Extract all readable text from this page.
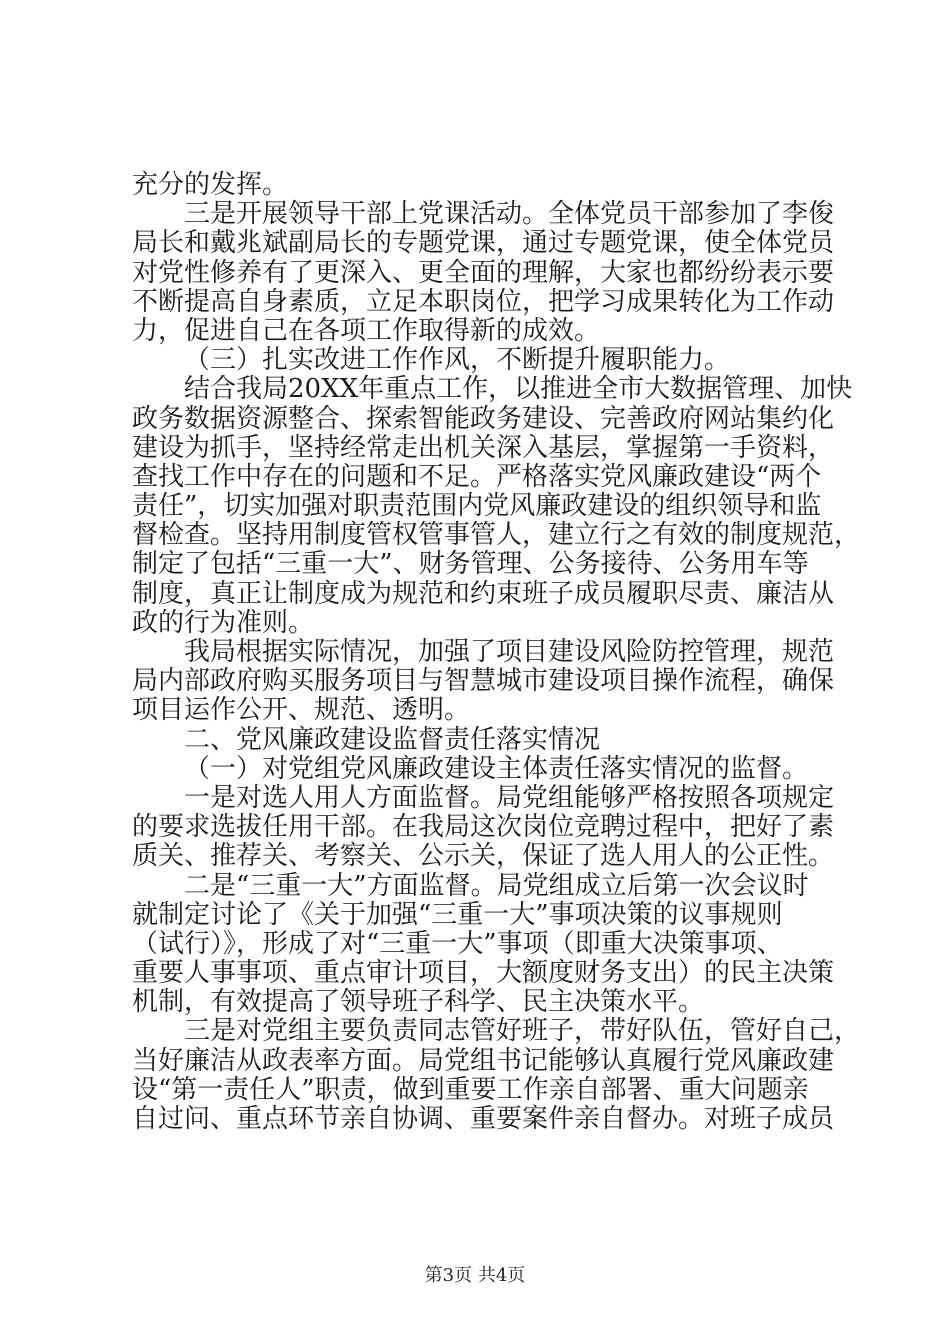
充分的发挥。
三是开展领导干部上党课活动。全体党员干部参加了李俊
局长和戴兆斌副局长的专题党课，通过专题党课，使全体党员
对党性修养有了更深入、更全面的理解，大家也都纷纷表示要
不断提高自身素质，立足本职岗位，把学习成果转化为工作动
力，促进自己在各项工作取得新的成效。
（三）扎实改进工作作风，不断提升履职能力。
结合我局20XX年重点工作，以推进全市大数据管理、加快
政务数据资源整合、探索智能政务建设、完善政府网站集约化
建设为抓手，坚持经常走出机关深入基层，掌握第一手资料，
查找工作中存在的问题和不足。严格落实党风廉政建设“两个
责任”，切实加强对职责范围内党风廉政建设的组织领导和监
督检查。坚持用制度管权管事管人，建立行之有效的制度规范，
制定了包括“三重一大”、财务管理、公务接待、公务用车等
制度，真正让制度成为规范和约束班子成员履职尽责、廉洁从
政的行为准则。
我局根据实际情况，加强了项目建设风险防控管理，规范
局内部政府购买服务项目与智慧城市建设项目操作流程，确保
项目运作公开、规范、透明。
二、党风廉政建设监督责任落实情况
（一）对党组党风廉政建设主体责任落实情况的监督。
一是对选人用人方面监督。局党组能够严格按照各项规定
的要求选拔任用干部。在我局这次岗位竞聘过程中，把好了素
质关、推荐关、考察关、公示关，保证了选人用人的公正性。
二是“三重一大”方面监督。局党组成立后第一次会议时
就制定讨论了《关于加强“三重一大”事项决策的议事规则
（试行）》，形成了对“三重一大”事项（即重大决策事项、
重要人事事项、重点审计项目，大额度财务支出）的民主决策
机制，有效提高了领导班子科学、民主决策水平。
三是对党组主要负责同志管好班子，带好队伍，管好自己，
当好廉洁从政表率方面。局党组书记能够认真履行党风廉政建
设“第一责任人”职责，做到重要工作亲自部署、重大问题亲
自过问、重点环节亲自协调、重要案件亲自督办。对班子成员
第3页 共4页
